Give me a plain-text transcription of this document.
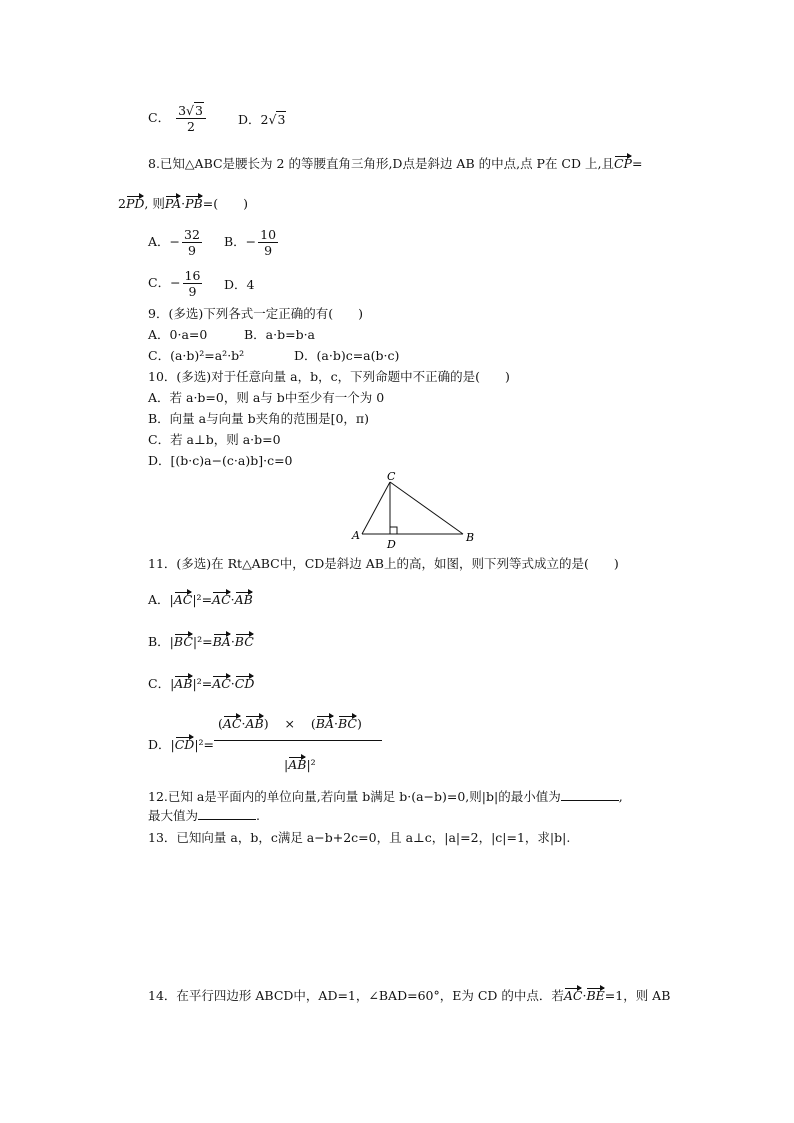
C． $\frac{3√3}{2}$	D．2√3
8.已知△ABC是腰长为 2 的等腰直角三角形,D点是斜边 AB 的中点,点 P在 CD 上,且CP=
2PD, 则PA·PB=(　　)
A．− $\frac{32}{9}$ B．− $\frac{10}{9}$
C．− $\frac{16}{9}$ D．4
9．(多选)下列各式一定正确的有(　　)
A．0·a=0	B．a·b=b·a
C．(a·b)²=a²·b²	D．(a·b)c=a(b·c)
10．(多选)对于任意向量 a，b，c，下列命题中不正确的是(　　)
A．若 a·b=0，则 a与 b中至少有一个为 0
B．向量 a与向量 b夹角的范围是[0，π)
C．若 a⊥b，则 a·b=0
D．[(b·c)a−(c·a)b]·c=0
C
A	B
D
11．(多选)在 Rt△ABC中，CD是斜边 AB上的高，如图，则下列等式成立的是(　　)
A．|AC|²=AC·AB
B．|BC|²=BA·BC
C．|AB|²=AC·CD
D．|CD|²=
(AC·AB) × (BA·BC)
|AB|²
12.已知 a是平面内的单位向量,若向量 b满足 b·(a−b)=0,则|b|的最小值为	,
最大值为	.
13．已知向量 a，b，c满足 a−b+2c=0，且 a⊥c，|a|=2，|c|=1，求|b|.
14．在平行四边形 ABCD中，AD=1，∠BAD=60°，E为 CD 的中点．若AC·BE=1，则 AB
